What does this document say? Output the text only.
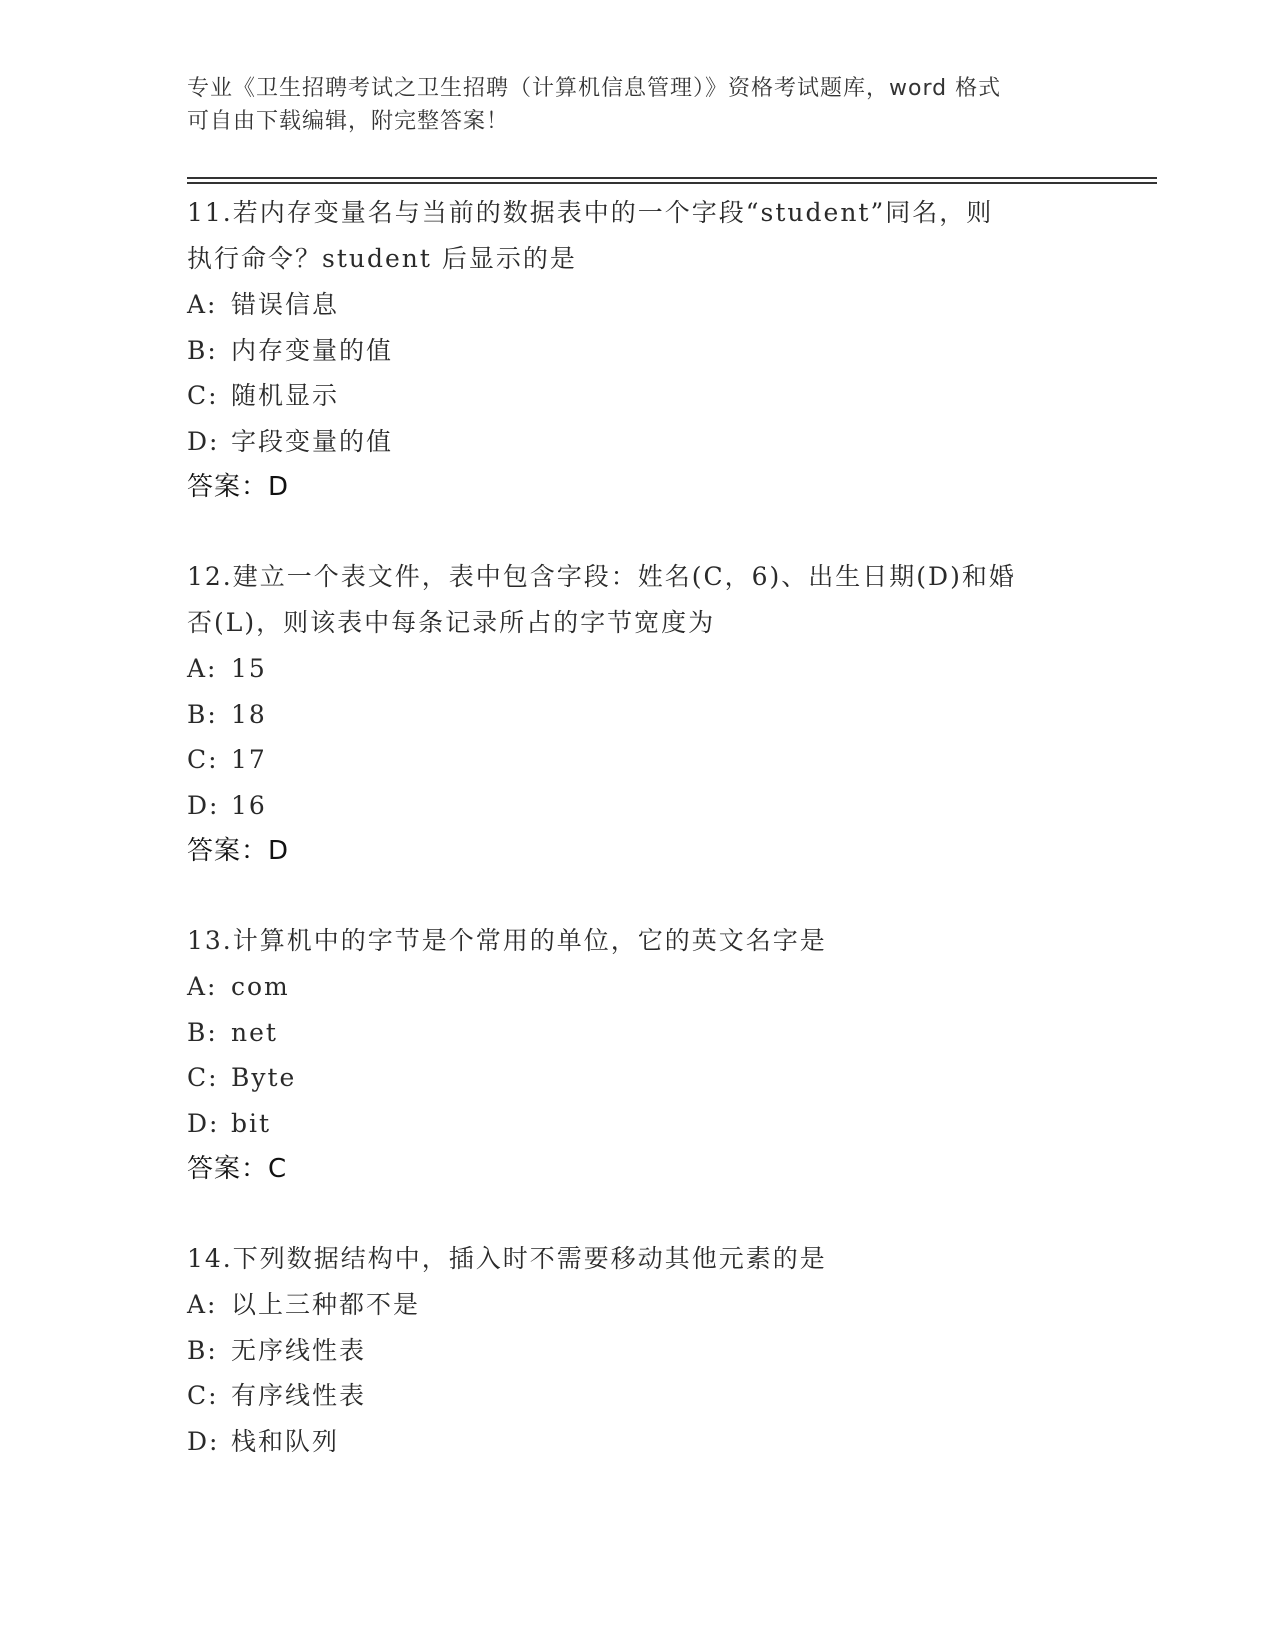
专业《卫生招聘考试之卫生招聘（计算机信息管理）》资格考试题库，word 格式
可自由下载编辑，附完整答案！
11.若内存变量名与当前的数据表中的一个字段“student”同名，则
执行命令？student 后显示的是
A: 错误信息
B: 内存变量的值
C: 随机显示
D: 字段变量的值
答案：D
12.建立一个表文件，表中包含字段：姓名(C，6)、出生日期(D)和婚
否(L)，则该表中每条记录所占的字节宽度为
A: 15
B: 18
C: 17
D: 16
答案：D
13.计算机中的字节是个常用的单位，它的英文名字是
A: com
B: net
C: Byte
D: bit
答案：C
14.下列数据结构中，插入时不需要移动其他元素的是
A: 以上三种都不是
B: 无序线性表
C: 有序线性表
D: 栈和队列
